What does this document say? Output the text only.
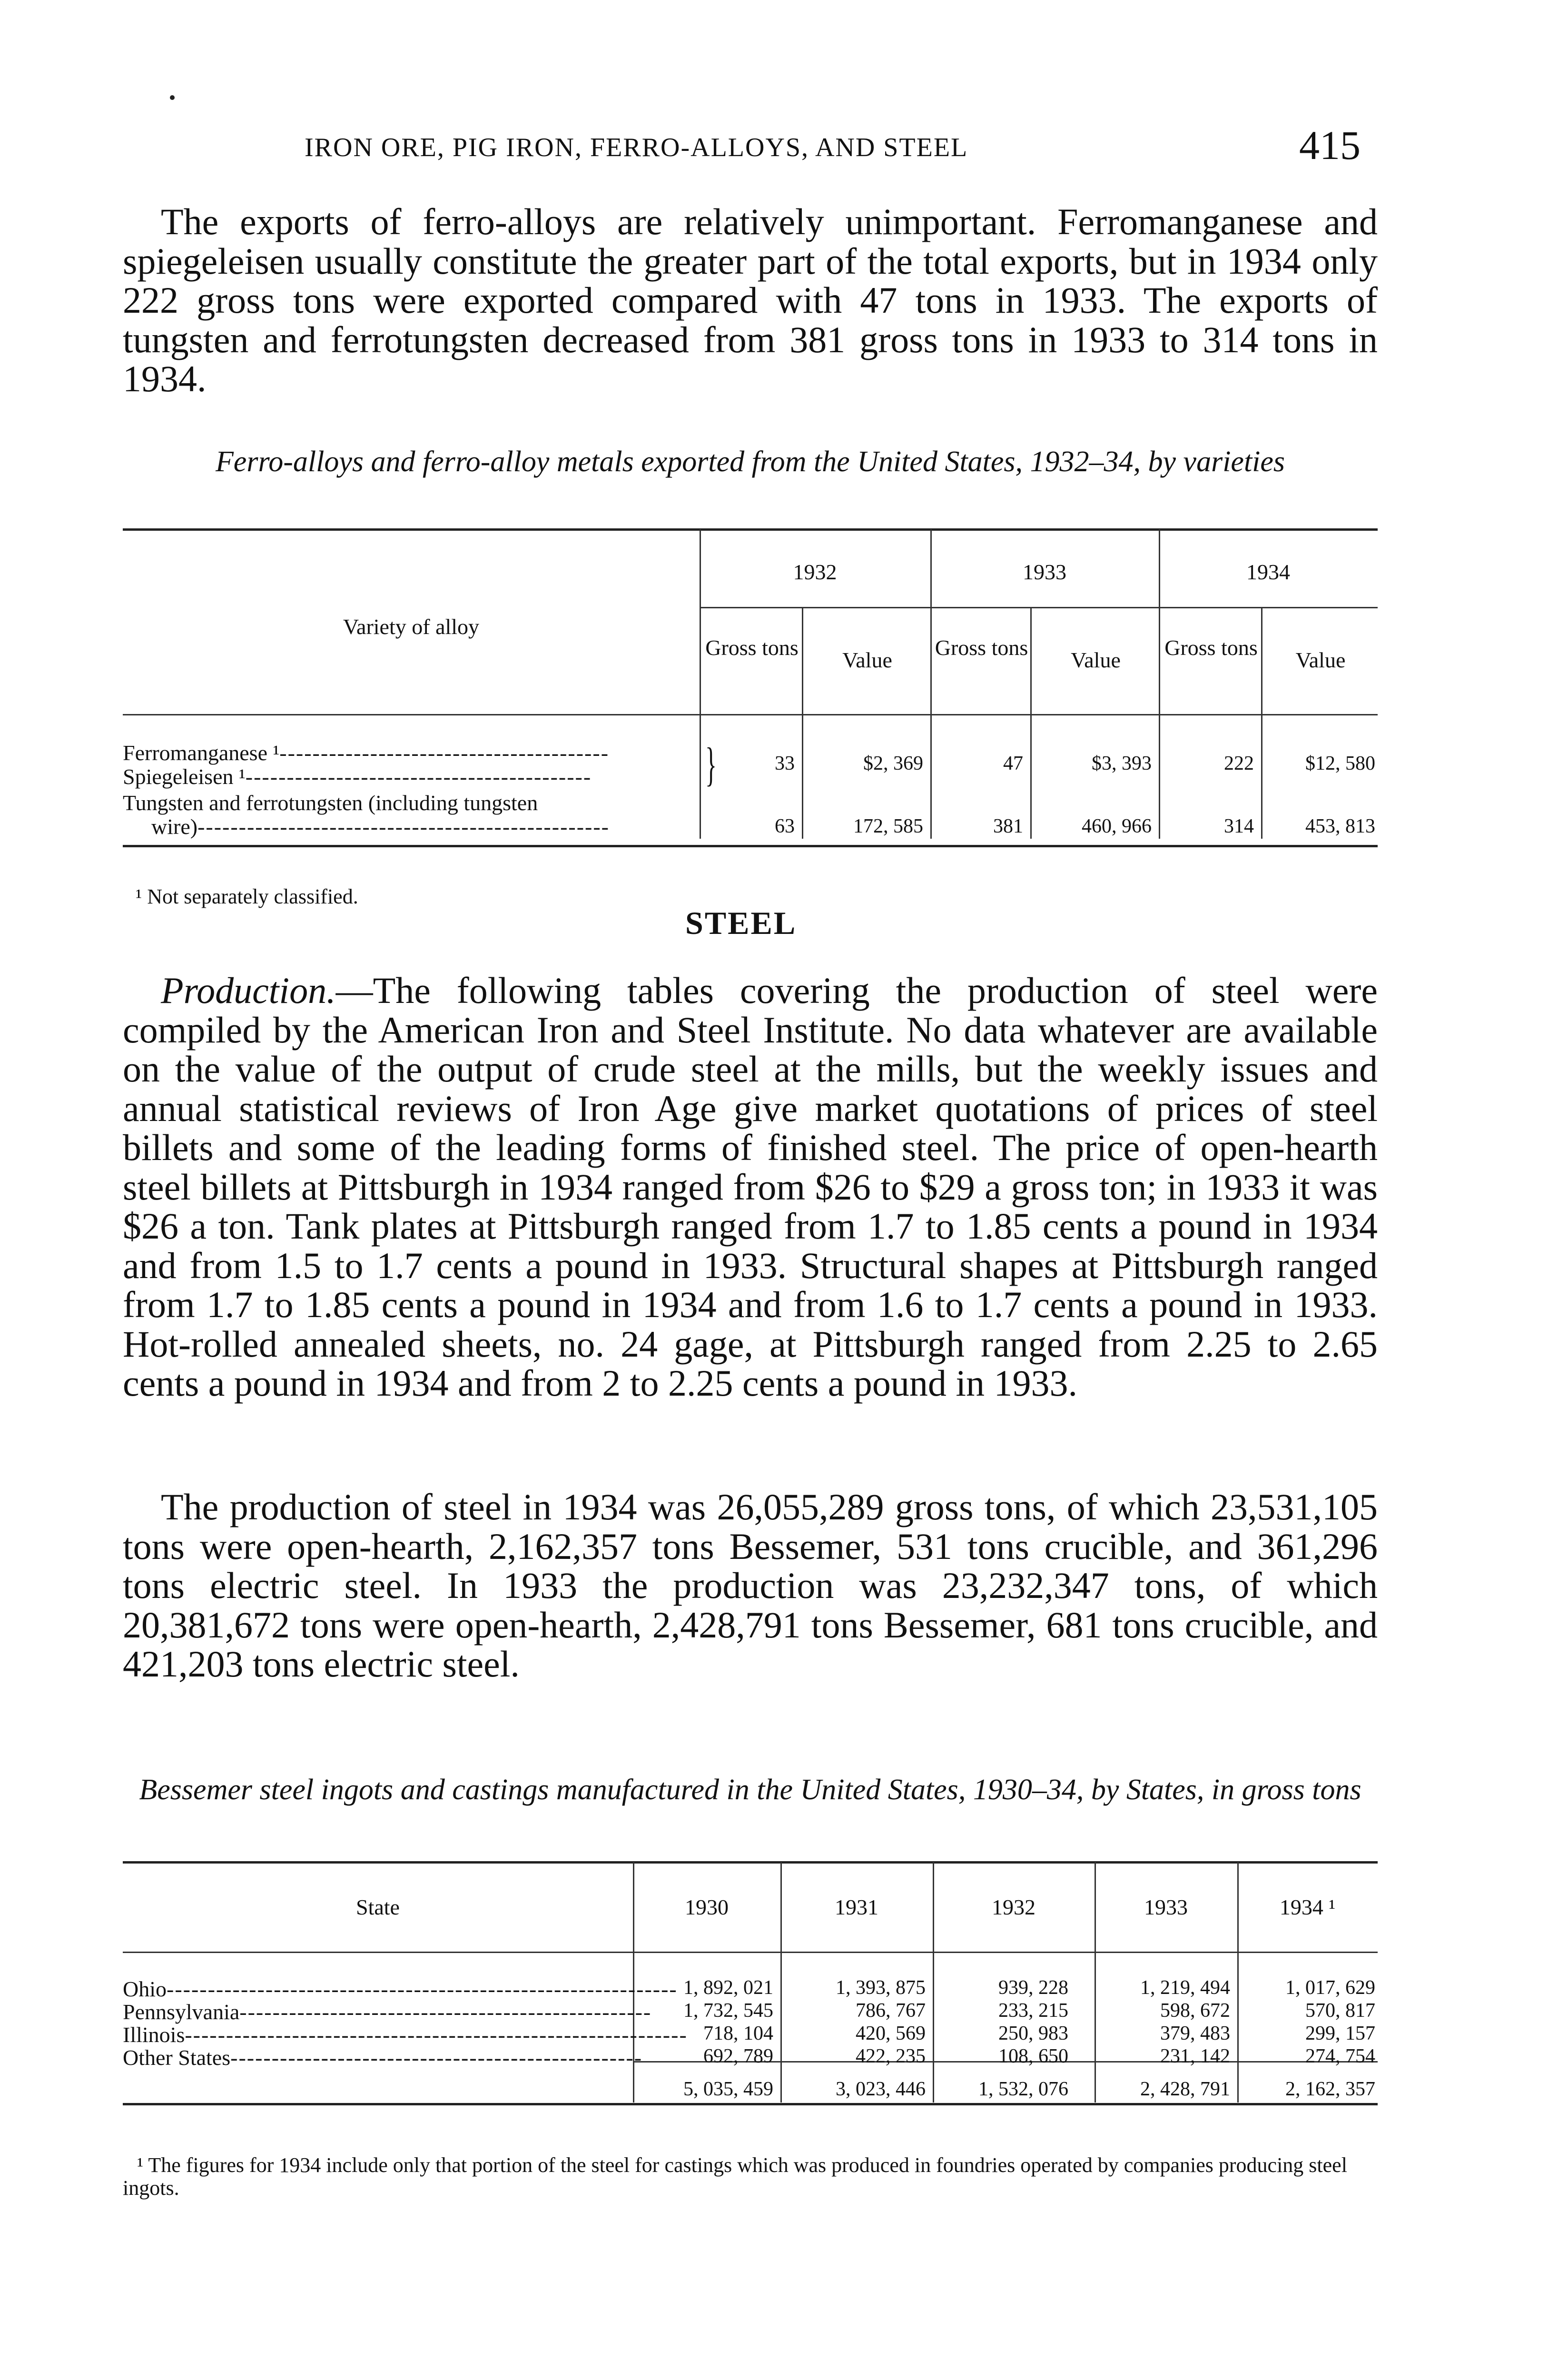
IRON ORE, PIG IRON, FERRO-ALLOYS, AND STEEL	415

The exports of ferro-alloys are relatively unimportant. Ferromanganese and spiegeleisen usually constitute the greater part of the total exports, but in 1934 only 222 gross tons were exported compared with 47 tons in 1933. The exports of tungsten and ferrotungsten decreased from 381 gross tons in 1933 to 314 tons in 1934.

Ferro-alloys and ferro-alloy metals exported from the United States, 1932–34, by varieties
Variety of alloy
1932	1933	1934
Gross tons
Value
Gross tons
Value
Gross tons
Value
Ferromanganese ¹----------------------------------------
Spiegeleisen ¹------------------------------------------	}	33	$2, 369	47	$3, 393	222	$12, 580
Tungsten and ferrotungsten (including tungsten
wire)--------------------------------------------------	63	172, 585	381	460, 966	314	453, 813
¹ Not separately classified.
STEEL

Production.—The following tables covering the production of steel were compiled by the American Iron and Steel Institute. No data whatever are available on the value of the output of crude steel at the mills, but the weekly issues and annual statistical reviews of Iron Age give market quotations of prices of steel billets and some of the leading forms of finished steel. The price of open-hearth steel billets at Pittsburgh in 1934 ranged from $26 to $29 a gross ton; in 1933 it was $26 a ton. Tank plates at Pittsburgh ranged from 1.7 to 1.85 cents a pound in 1934 and from 1.5 to 1.7 cents a pound in 1933. Structural shapes at Pittsburgh ranged from 1.7 to 1.85 cents a pound in 1934 and from 1.6 to 1.7 cents a pound in 1933. Hot-rolled annealed sheets, no. 24 gage, at Pittsburgh ranged from 2.25 to 2.65 cents a pound in 1934 and from 2 to 2.25 cents a pound in 1933.

The production of steel in 1934 was 26,055,289 gross tons, of which 23,531,105 tons were open-hearth, 2,162,357 tons Bessemer, 531 tons crucible, and 361,296 tons electric steel. In 1933 the production was 23,232,347 tons, of which 20,381,672 tons were open-hearth, 2,428,791 tons Bessemer, 681 tons crucible, and 421,203 tons electric steel.

Bessemer steel ingots and castings manufactured in the United States, 1930–34, by States, in gross tons
State	1930	1931	1932	1933	1934 ¹
Ohio-------------------------------------------------------------- 1, 892, 021	1, 393, 875	939, 228	1, 219, 494	1, 017, 629
Pennsylvania--------------------------------------------------	1, 732, 545	786, 767	233, 215	598, 672	570, 817
Illinois------------------------------------------------------------- 718, 104	420, 569	250, 983	379, 483	299, 157
Other States--------------------------------------------------	692, 789	422, 235	108, 650	231, 142	274, 754
5, 035, 459	3, 023, 446	1, 532, 076	2, 428, 791	2, 162, 357
¹ The figures for 1934 include only that portion of the steel for castings which was produced in foundries operated by companies producing steel ingots.
